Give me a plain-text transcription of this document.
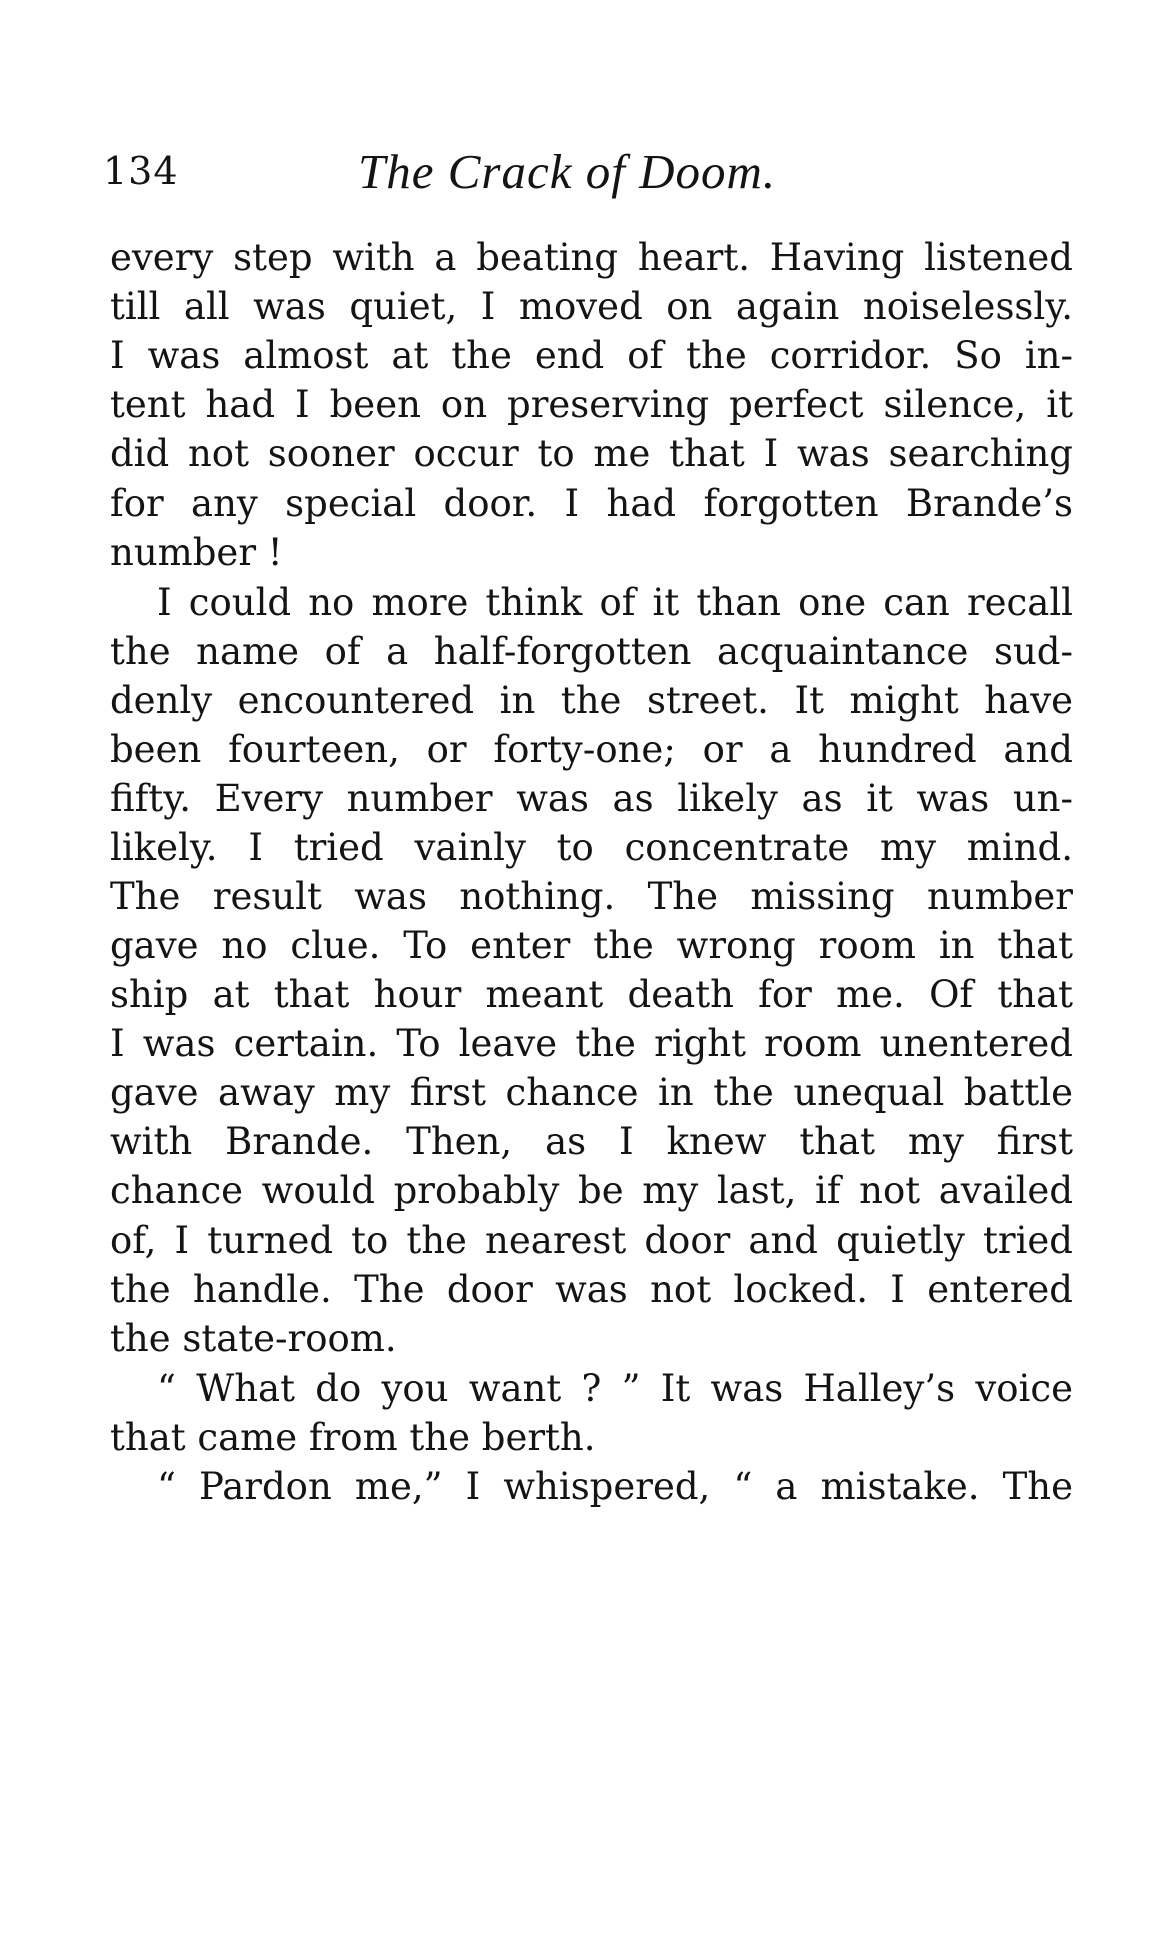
134	The Crack of Doom.
every step with a beating heart. Having listened
till all was quiet, I moved on again noiselessly.
I was almost at the end of the corridor. So in-
tent had I been on preserving perfect silence, it
did not sooner occur to me that I was searching
for any special door. I had forgotten Brande’s
number !
I could no more think of it than one can recall
the name of a half-forgotten acquaintance sud-
denly encountered in the street. It might have
been fourteen, or forty-one; or a hundred and
fifty. Every number was as likely as it was un-
likely. I tried vainly to concentrate my mind.
The result was nothing. The missing number
gave no clue. To enter the wrong room in that
ship at that hour meant death for me. Of that
I was certain. To leave the right room unentered
gave away my first chance in the unequal battle
with Brande. Then, as I knew that my first
chance would probably be my last, if not availed
of, I turned to the nearest door and quietly tried
the handle. The door was not locked. I entered
the state-room.
“ What do you want ? ” It was Halley’s voice
that came from the berth.
“ Pardon me,” I whispered, “ a mistake. The
